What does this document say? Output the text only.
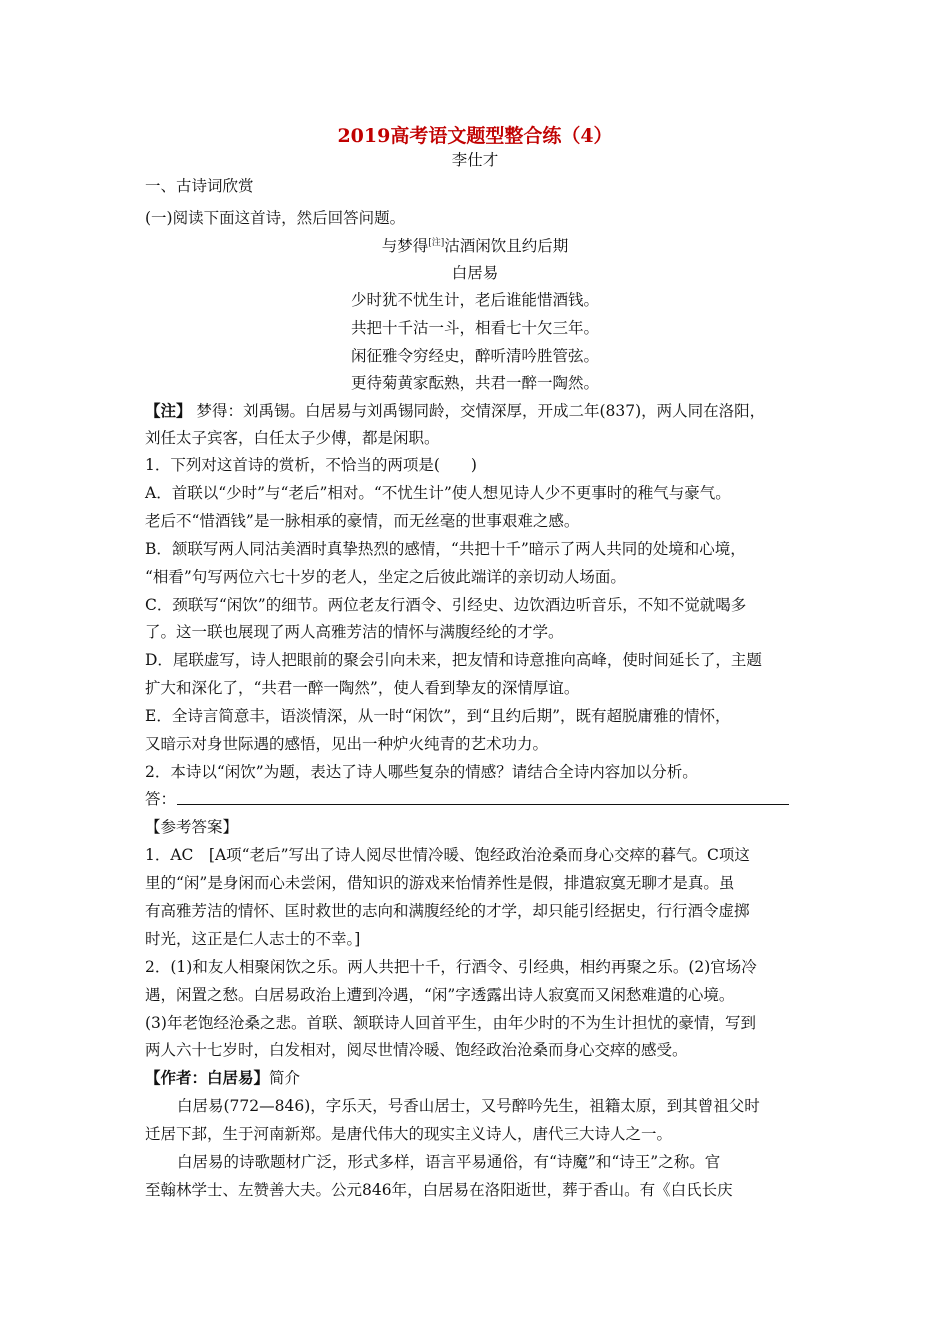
2019高考语文题型整合练（4）
李仕才
一、古诗词欣赏
(一)阅读下面这首诗，然后回答问题。
与梦得[注]沽酒闲饮且约后期
白居易
少时犹不忧生计，老后谁能惜酒钱。
共把十千沽一斗，相看七十欠三年。
闲征雅令穷经史，醉听清吟胜管弦。
更待菊黄家酝熟，共君一醉一陶然。
【注】 梦得：刘禹锡。白居易与刘禹锡同龄，交情深厚，开成二年(837)，两人同在洛阳，
刘任太子宾客，白任太子少傅，都是闲职。
1．下列对这首诗的赏析，不恰当的两项是(　　)
A．首联以“少时”与“老后”相对。“不忧生计”使人想见诗人少不更事时的稚气与豪气。
老后不“惜酒钱”是一脉相承的豪情，而无丝毫的世事艰难之感。
B．颔联写两人同沽美酒时真挚热烈的感情，“共把十千”暗示了两人共同的处境和心境，
“相看”句写两位六七十岁的老人，坐定之后彼此端详的亲切动人场面。
C．颈联写“闲饮”的细节。两位老友行酒令、引经史、边饮酒边听音乐，不知不觉就喝多
了。这一联也展现了两人高雅芳洁的情怀与满腹经纶的才学。
D．尾联虚写，诗人把眼前的聚会引向未来，把友情和诗意推向高峰，使时间延长了，主题
扩大和深化了，“共君一醉一陶然”，使人看到挚友的深情厚谊。
E．全诗言简意丰，语淡情深，从一时“闲饮”，到“且约后期”，既有超脱庸雅的情怀，
又暗示对身世际遇的感悟，见出一种炉火纯青的艺术功力。
2．本诗以“闲饮”为题，表达了诗人哪些复杂的情感？请结合全诗内容加以分析。
答：
【参考答案】
1．AC　[A项“老后”写出了诗人阅尽世情冷暖、饱经政治沧桑而身心交瘁的暮气。C项这
里的“闲”是身闲而心未尝闲，借知识的游戏来怡情养性是假，排遣寂寞无聊才是真。虽
有高雅芳洁的情怀、匡时救世的志向和满腹经纶的才学，却只能引经据史，行行酒令虚掷
时光，这正是仁人志士的不幸。]
2．(1)和友人相聚闲饮之乐。两人共把十千，行酒令、引经典，相约再聚之乐。(2)官场冷
遇，闲置之愁。白居易政治上遭到冷遇，“闲”字透露出诗人寂寞而又闲愁难遣的心境。
(3)年老饱经沧桑之悲。首联、颔联诗人回首平生，由年少时的不为生计担忧的豪情，写到
两人六十七岁时，白发相对，阅尽世情冷暖、饱经政治沧桑而身心交瘁的感受。
【作者：白居易】简介
白居易(772—846)，字乐天，号香山居士，又号醉吟先生，祖籍太原，到其曾祖父时
迁居下邽，生于河南新郑。是唐代伟大的现实主义诗人，唐代三大诗人之一。
白居易的诗歌题材广泛，形式多样，语言平易通俗，有“诗魔”和“诗王”之称。官
至翰林学士、左赞善大夫。公元846年，白居易在洛阳逝世，葬于香山。有《白氏长庆
